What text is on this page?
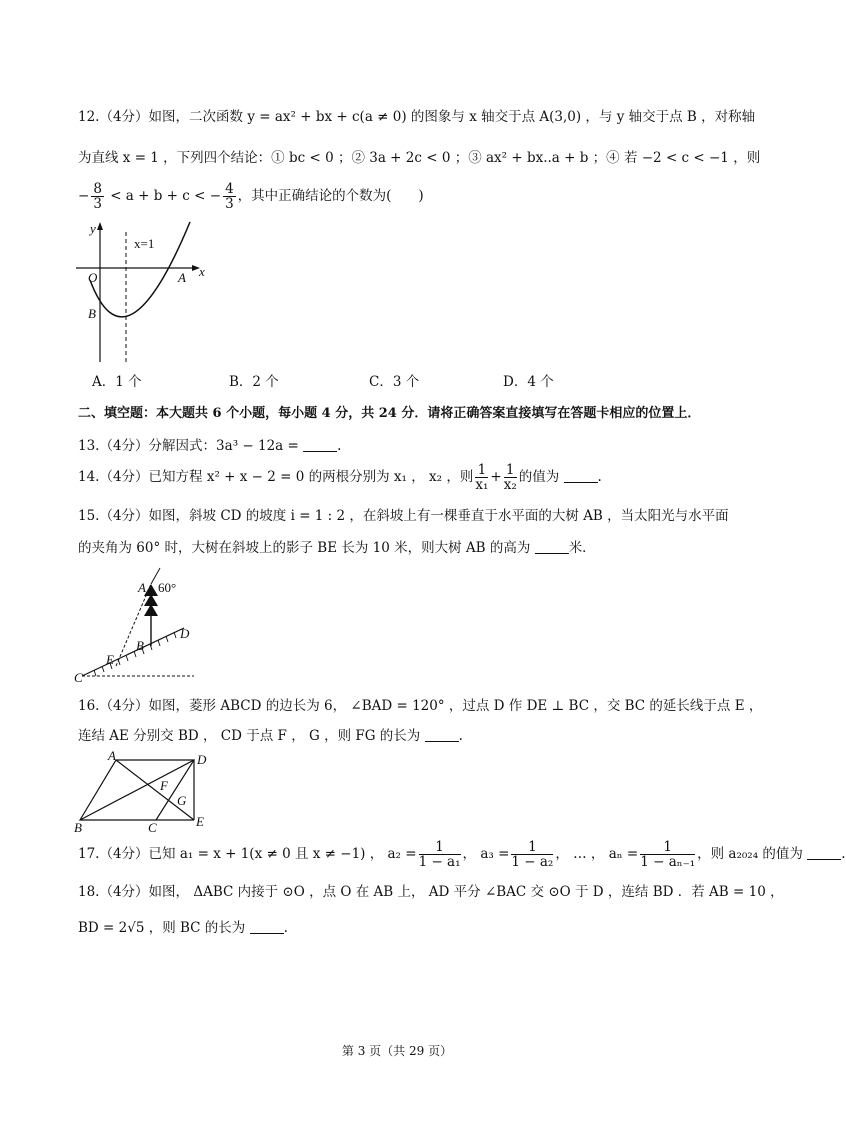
12.（4分）如图，二次函数 y = ax² + bx + c(a ≠ 0) 的图象与 x 轴交于点 A(3,0) ，与 y 轴交于点 B ，对称轴
为直线 x = 1 ，下列四个结论：① bc < 0 ；② 3a + 2c < 0 ；③ ax² + bx..a + b ；④ 若 −2 < c < −1 ，则
− $\frac{8}{3} < a + b + c$ < − $\frac{4}{3}$ ，其中正确结论的个数为(　　)
y
x
x=1
O	A
B
A．1 个	B．2 个	C．3 个	D．4 个
二、填空题：本大题共 6 个小题，每小题 4 分，共 24 分．请将正确答案直接填写在答题卡相应的位置上．
13.（4分）分解因式：3a³ − 12a =	.
14.（4分）已知方程 x² + x − 2 = 0 的两根分别为 x₁ ， x₂ ，则 $\frac{1}{\text{x₁}} + \frac{1}{\text{x₂}}$ 的值为	.
15.（4分）如图，斜坡 CD 的坡度 i = 1 : 2 ，在斜坡上有一棵垂直于水平面的大树 AB ，当太阳光与水平面
的夹角为 60° 时，大树在斜坡上的影子 BE 长为 10 米，则大树 AB 的高为	米．
A 60°
B
D
E
C
16.（4分）如图，菱形 ABCD 的边长为 6， ∠BAD = 120° ，过点 D 作 DE ⊥ BC ，交 BC 的延长线于点 E ，
连结 AE 分别交 BD ， CD 于点 F ， G ，则 FG 的长为	.
A	D
F
G
B	C	E
17.（4分）已知 a₁ = x + 1(x ≠ 0 且 x ≠ −1) ， $a_2 = \frac{1}{\text{1 − a₁}}$ ， $a_3 = \frac{1}{\text{1 − a₂}}$ ， … ， $a_n = \frac{1}{\text{1 − aₙ₋₁}}$ ，则 a₂₀₂₄ 的值为	.
18.（4分）如图， ΔABC 内接于 ⊙O ，点 O 在 AB 上， AD 平分 ∠BAC 交 ⊙O 于 D ，连结 BD ．若 AB = 10 ，
BD = 2√5 ，则 BC 的长为	.
第 3 页（共 29 页）
